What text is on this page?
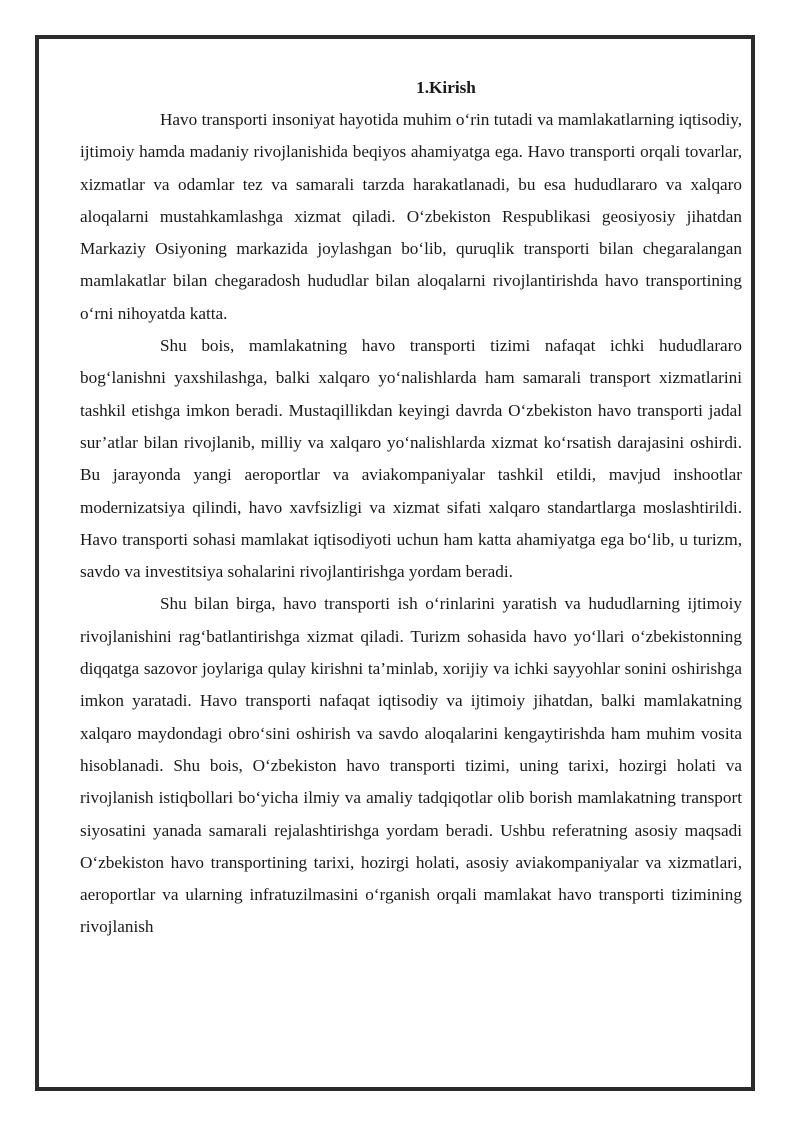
1.Kirish

Havo transporti insoniyat hayotida muhim o‘rin tutadi va mamlakatlarning iqtisodiy, ijtimoiy hamda madaniy rivojlanishida beqiyos ahamiyatga ega. Havo transporti orqali tovarlar, xizmatlar va odamlar tez va samarali tarzda harakatlanadi, bu esa hududlararo va xalqaro aloqalarni mustahkamlashga xizmat qiladi. O‘zbekiston Respublikasi geosiyosiy jihatdan Markaziy Osiyoning markazida joylashgan bo‘lib, quruqlik transporti bilan chegaralangan mamlakatlar bilan chegaradosh hududlar bilan aloqalarni rivojlantirishda havo transportining o‘rni nihoyatda katta.

Shu bois, mamlakatning havo transporti tizimi nafaqat ichki hududlararo bog‘lanishni yaxshilashga, balki xalqaro yo‘nalishlarda ham samarali transport xizmatlarini tashkil etishga imkon beradi. Mustaqillikdan keyingi davrda O‘zbekiston havo transporti jadal sur’atlar bilan rivojlanib, milliy va xalqaro yo‘nalishlarda xizmat ko‘rsatish darajasini oshirdi. Bu jarayonda yangi aeroportlar va aviakompaniyalar tashkil etildi, mavjud inshootlar modernizatsiya qilindi, havo xavfsizligi va xizmat sifati xalqaro standartlarga moslashtirildi. Havo transporti sohasi mamlakat iqtisodiyoti uchun ham katta ahamiyatga ega bo‘lib, u turizm, savdo va investitsiya sohalarini rivojlantirishga yordam beradi.

Shu bilan birga, havo transporti ish o‘rinlarini yaratish va hududlarning ijtimoiy rivojlanishini rag‘batlantirishga xizmat qiladi. Turizm sohasida havo yo‘llari o‘zbekistonning diqqatga sazovor joylariga qulay kirishni ta’minlab, xorijiy va ichki sayyohlar sonini oshirishga imkon yaratadi. Havo transporti nafaqat iqtisodiy va ijtimoiy jihatdan, balki mamlakatning xalqaro maydondagi obro‘sini oshirish va savdo aloqalarini kengaytirishda ham muhim vosita hisoblanadi. Shu bois, O‘zbekiston havo transporti tizimi, uning tarixi, hozirgi holati va rivojlanish istiqbollari bo‘yicha ilmiy va amaliy tadqiqotlar olib borish mamlakatning transport siyosatini yanada samarali rejalashtirishga yordam beradi. Ushbu referatning asosiy maqsadi O‘zbekiston havo transportining tarixi, hozirgi holati, asosiy aviakompaniyalar va xizmatlari, aeroportlar va ularning infratuzilmasini o‘rganish orqali mamlakat havo transporti tizimining rivojlanish
